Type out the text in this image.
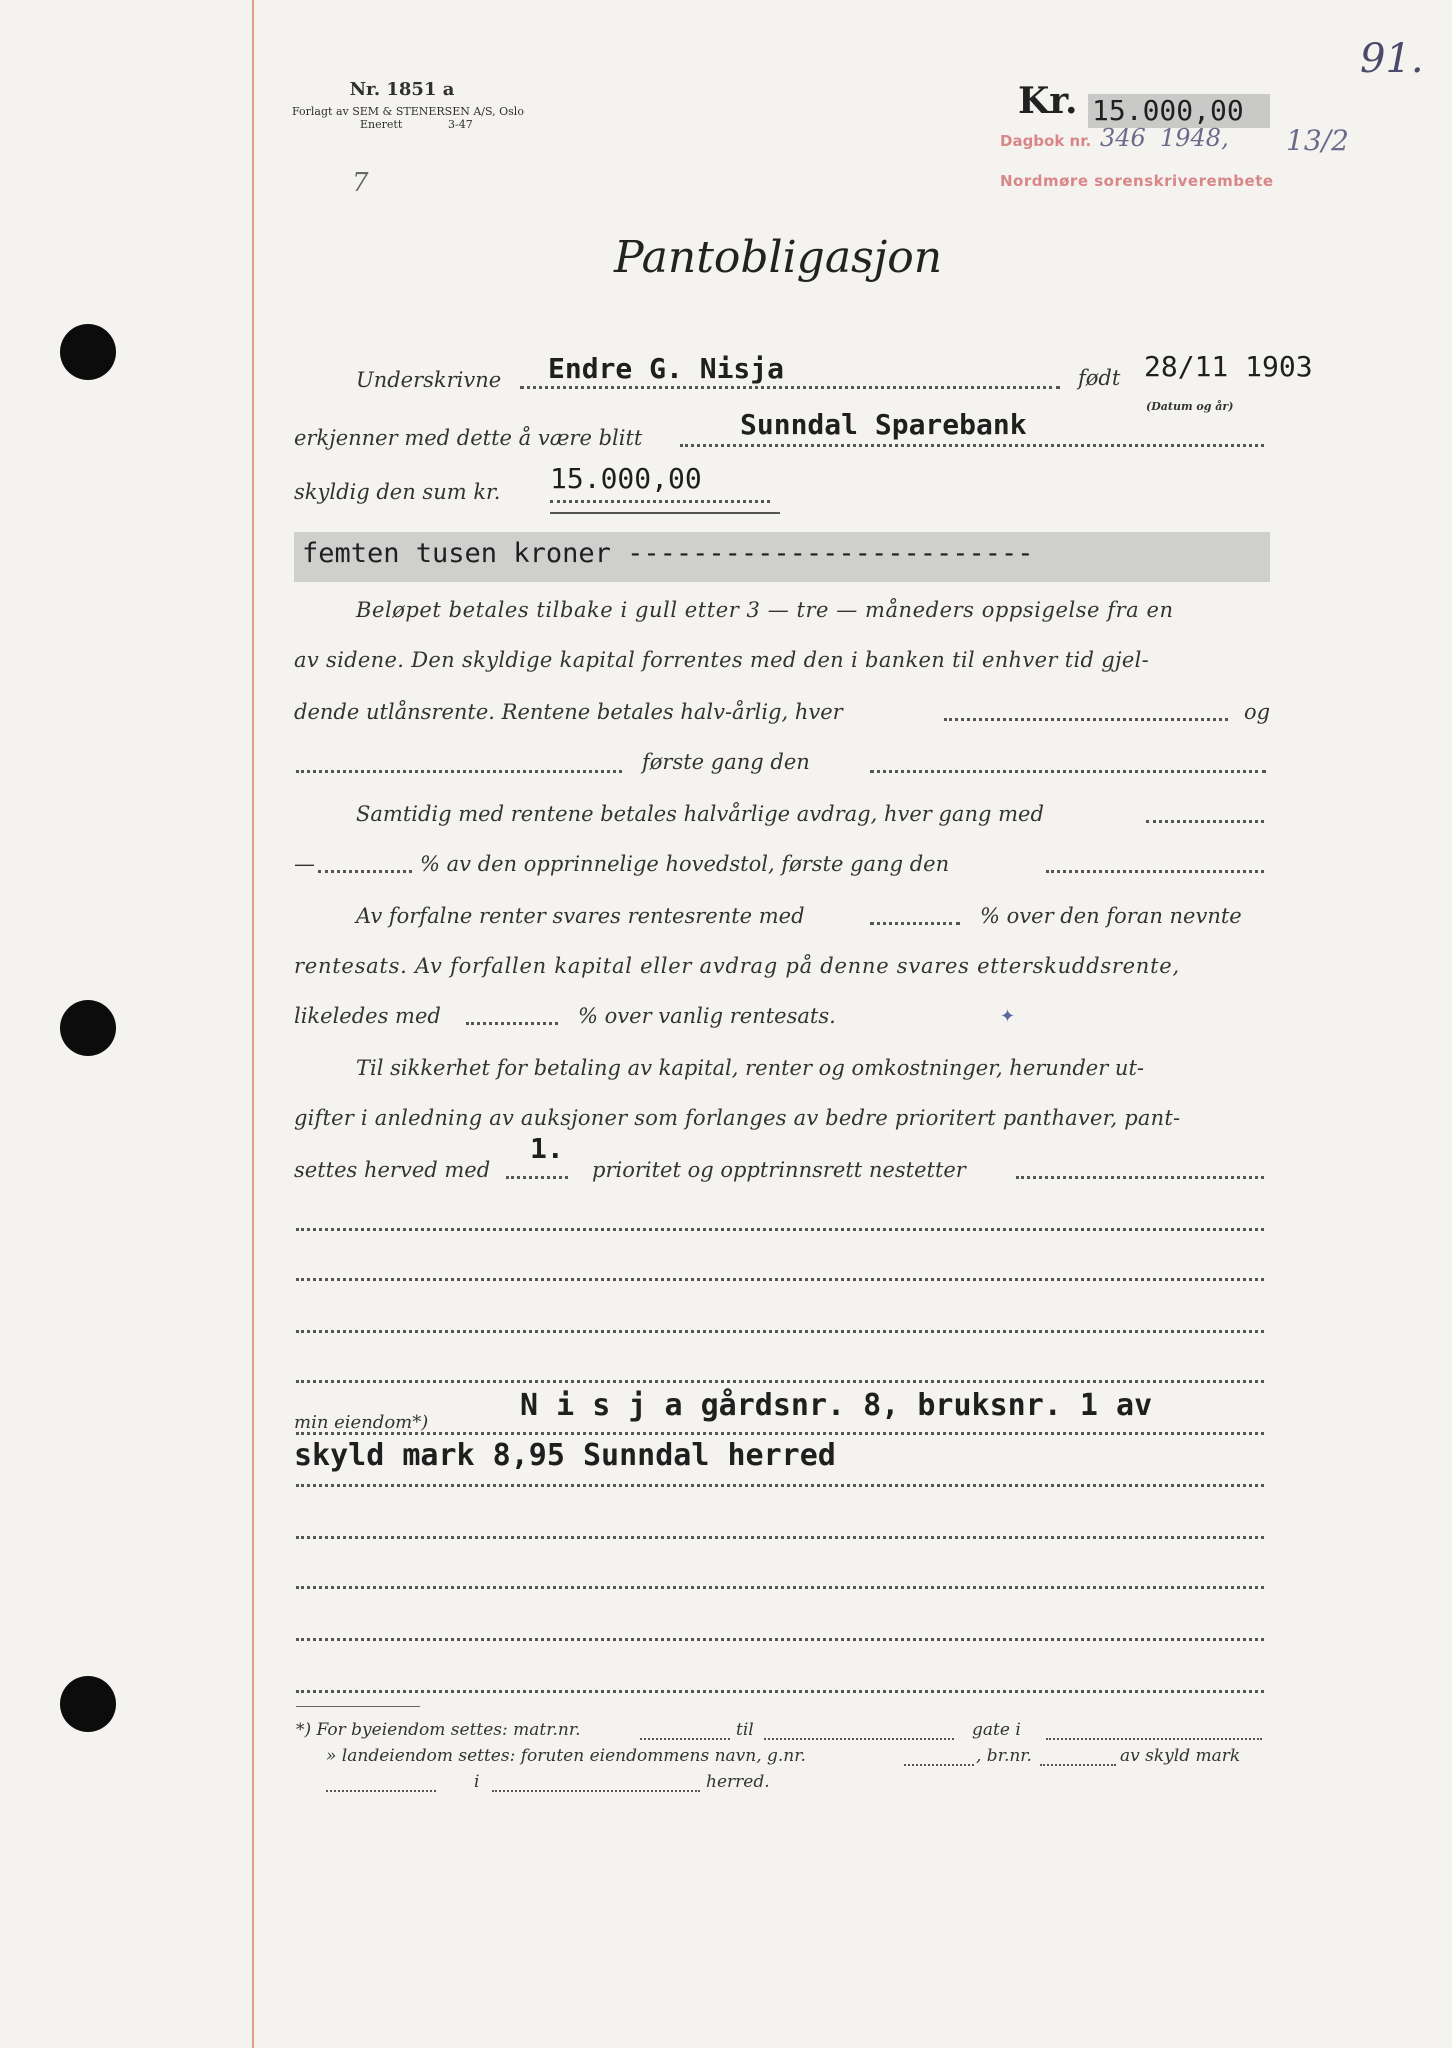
91.
Nr. 1851 a
Forlagt av SEM & STENERSEN A/S, Oslo
Enerett	3-47
Kr. 15.000,00
Dagbok nr. 346 1948, 13/2
Nordmøre sorenskriverembete
7
Pantobligasjon
Underskrivne Endre G. Nisja	født 28/11 1903
(Datum og år)
erkjenner med dette å være blitt	Sunndal Sparebank
skyldig den sum kr. 15.000,00
femten tusen kroner -------------------------
Beløpet betales tilbake i gull etter 3 — tre — måneders oppsigelse fra en
av sidene. Den skyldige kapital forrentes med den i banken til enhver tid gjel-
dende utlånsrente. Rentene betales halv-årlig, hver	og
første gang den
Samtidig med rentene betales halvårlige avdrag, hver gang med
—	% av den opprinnelige hovedstol, første gang den
Av forfalne renter svares rentesrente med	% over den foran nevnte
rentesats. Av forfallen kapital eller avdrag på denne svares etterskuddsrente,
likeledes med	% over vanlig rentesats.	✦
Til sikkerhet for betaling av kapital, renter og omkostninger, herunder ut-
gifter i anledning av auksjoner som forlanges av bedre prioritert panthaver, pant-
settes herved med
1.
prioritet og opptrinnsrett nestetter
min eiendom*)	N i s j a gårdsnr. 8, bruksnr. 1 av
skyld mark 8,95 Sunndal herred
*) For byeiendom settes: matr.nr.	til	gate i
» landeiendom settes: foruten eiendommens navn, g.nr.	, br.nr.	av skyld mark
i	herred.
